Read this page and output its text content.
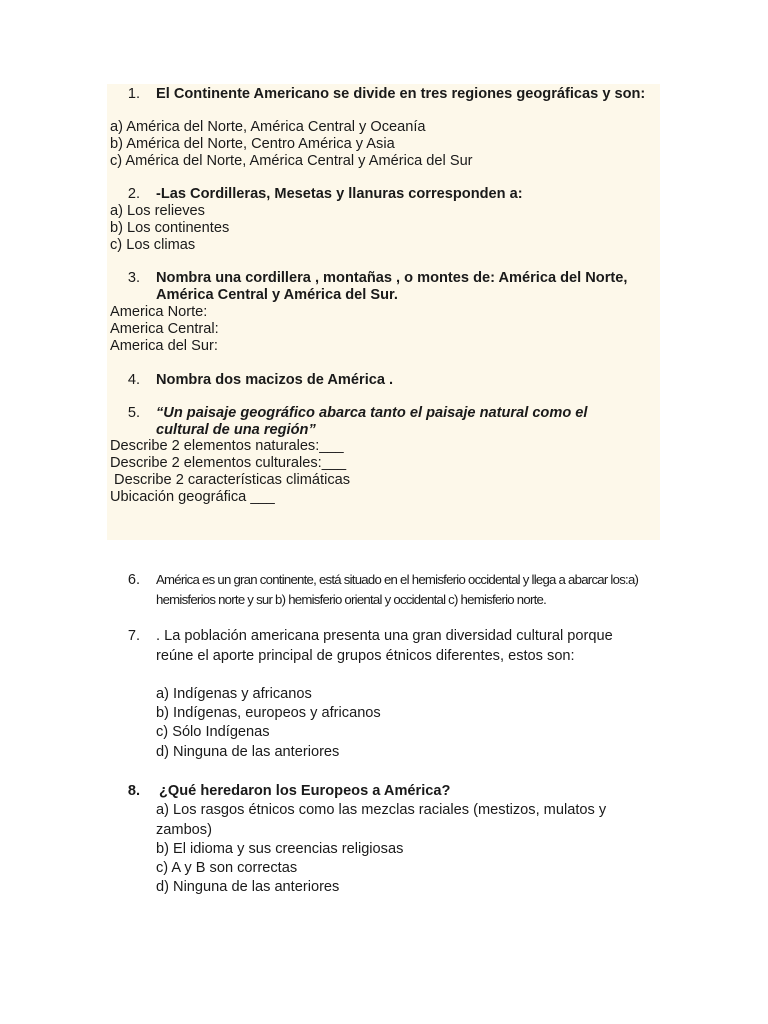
1. El Continente Americano se divide en tres regiones geográficas y son:
a) América del Norte, América Central y Oceanía
b) América del Norte, Centro América y Asia
c) América del Norte, América Central y América del Sur
2. -Las Cordilleras, Mesetas y llanuras corresponden a:
a) Los relieves
b) Los continentes
c) Los climas
3. Nombra una cordillera , montañas , o montes de: América del Norte, América Central y América del Sur.
America Norte:
America Central:
America del Sur:
4. Nombra dos macizos de América .
5. “Un paisaje geográfico abarca tanto el paisaje natural como el cultural de una región”
Describe 2 elementos naturales:___
Describe 2 elementos culturales:___
Describe 2 características climáticas
Ubicación geográfica ___
6. América es un gran continente, está situado en el hemisferio occidental y llega a abarcar los:a) hemisferios norte y sur b) hemisferio oriental y occidental c) hemisferio norte.
7. . La población americana presenta una gran diversidad cultural porque reúne el aporte principal de grupos étnicos diferentes, estos son:
a) Indígenas y africanos
b) Indígenas, europeos y africanos
c) Sólo Indígenas
d) Ninguna de las anteriores
8. ¿Qué heredaron los Europeos a América?
a) Los rasgos étnicos como las mezclas raciales (mestizos, mulatos y zambos)
b) El idioma y sus creencias religiosas
c) A y B son correctas
d) Ninguna de las anteriores
